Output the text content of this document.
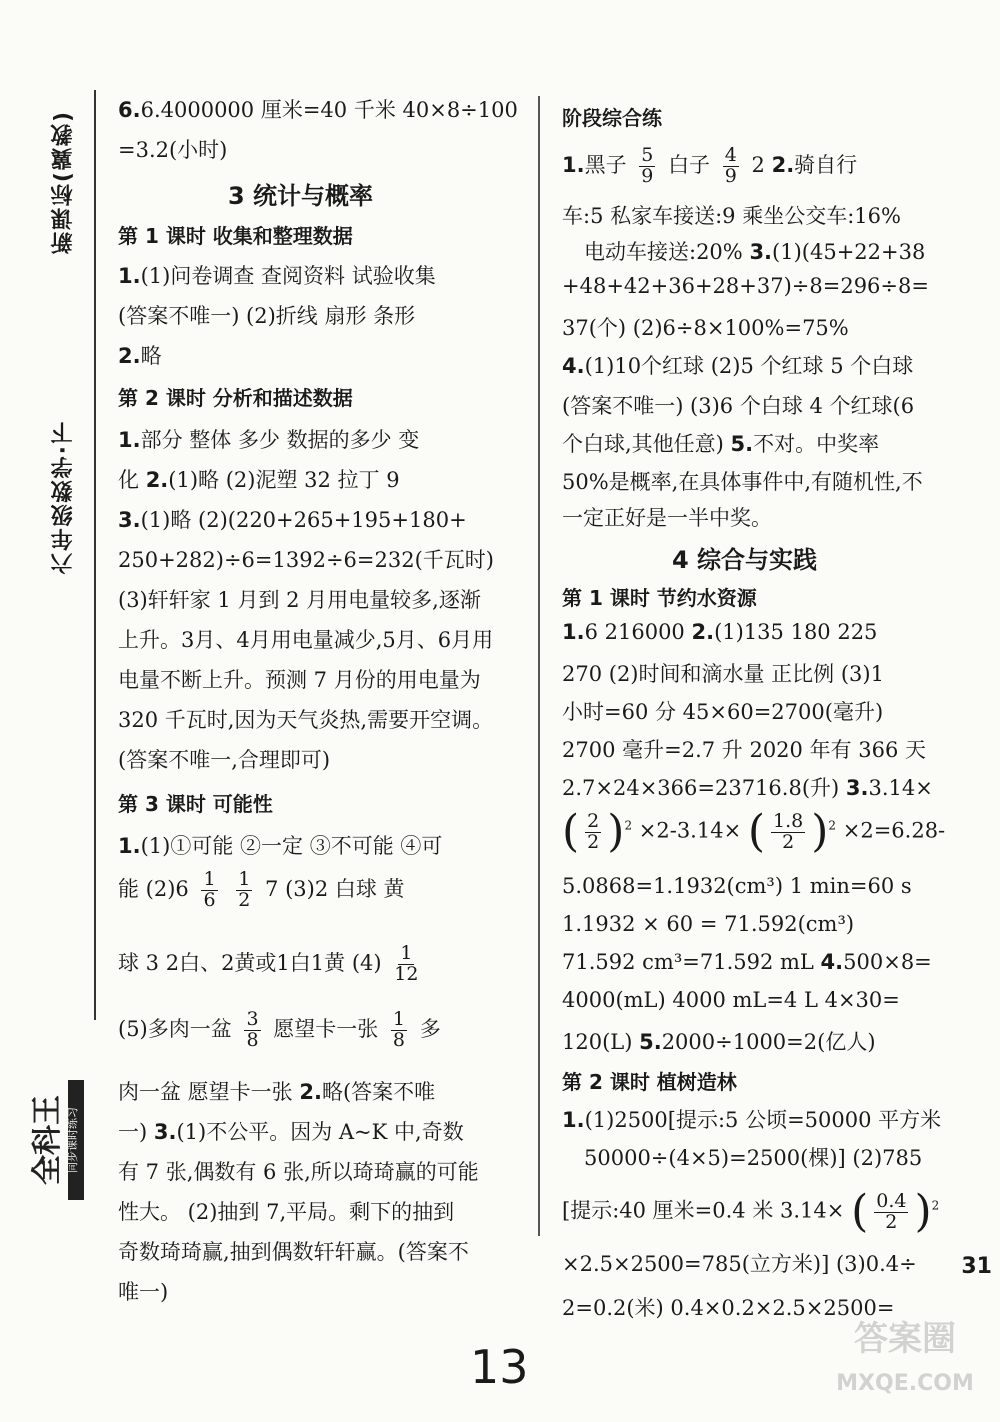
新课标(冀教)
六年级数学·下
全科王 同步课时练习
6.6.4000000 厘米=40 千米 40×8÷100
=3.2(小时)
3 统计与概率
第 1 课时 收集和整理数据
1.(1)问卷调查 查阅资料 试验收集
(答案不唯一) (2)折线 扇形 条形
2.略
第 2 课时 分析和描述数据
1.部分 整体 多少 数据的多少 变
化 2.(1)略 (2)泥塑 32 拉丁 9
3.(1)略 (2)(220+265+195+180+
250+282)÷6=1392÷6=232(千瓦时)
(3)轩轩家 1 月到 2 月用电量较多,逐渐
上升。3月、4月用电量减少,5月、6月用
电量不断上升。预测 7 月份的用电量为
320 千瓦时,因为天气炎热,需要开空调。
(答案不唯一,合理即可)
第 3 课时 可能性
1.(1)①可能 ②一定 ③不可能 ④可
能 $(2)6 \frac{1}{6}$
$\frac{1}{2} 7$ (3)2 白球 黄
球 3 2白、2黄或1白1黄 $(4) \frac{1}{12}$
(5)多肉一盆 $\frac{3}{8}$ 愿望卡一张 $\frac{1}{8}$ 多
肉一盆 愿望卡一张 2.略(答案不唯
一) 3.(1)不公平。因为 A~K 中,奇数
有 7 张,偶数有 6 张,所以琦琦赢的可能
性大。 (2)抽到 7,平局。剩下的抽到
奇数琦琦赢,抽到偶数轩轩赢。(答案不
唯一)
阶段综合练
1.黑子 $\frac{5}{9}$ 白子 $\frac{4}{9} 2$ 2.骑自行
车:5 私家车接送:9 乘坐公交车:16%
电动车接送:20% 3.(1)(45+22+38
+48+42+36+28+37)÷8=296÷8=
37(个) (2)6÷8×100%=75%
4.(1)10个红球 (2)5 个红球 5 个白球
(答案不唯一) (3)6 个白球 4 个红球(6
个白球,其他任意) 5.不对。中奖率
50%是概率,在具体事件中,有随机性,不
一定正好是一半中奖。
4 综合与实践
第 1 课时 节约水资源
1.6 216000 2.(1)135 180 225
270 (2)时间和滴水量 正比例 (3)1
小时=60 分 45×60=2700(毫升)
2700 毫升=2.7 升 2020 年有 366 天
2.7×24×366=23716.8(升) 3.3.14×
( $\frac{2}{2} )^2 \times 2-3.14\times$ ( $\frac{1.8}{2} )^2 \times 2=6.28-$
5.0868=1.1932(cm³) 1 min=60 s
1.1932 × 60 = 71.592(cm³)
71.592 cm³=71.592 mL 4.500×8=
4000(mL) 4000 mL=4 L 4×30=
120(L) 5.2000÷1000=2(亿人)
第 2 课时 植树造林
1.(1)2500[提示:5 公顷=50000 平方米
50000÷(4×5)=2500(棵)] (2)785
[提示:40 厘米=0.4 米 3.14× ( $\frac{0.4}{2} )^2$
×2.5×2500=785(立方米)] (3)0.4÷
2=0.2(米) 0.4×0.2×2.5×2500=
31
13
答案圈
MXQE.COM
